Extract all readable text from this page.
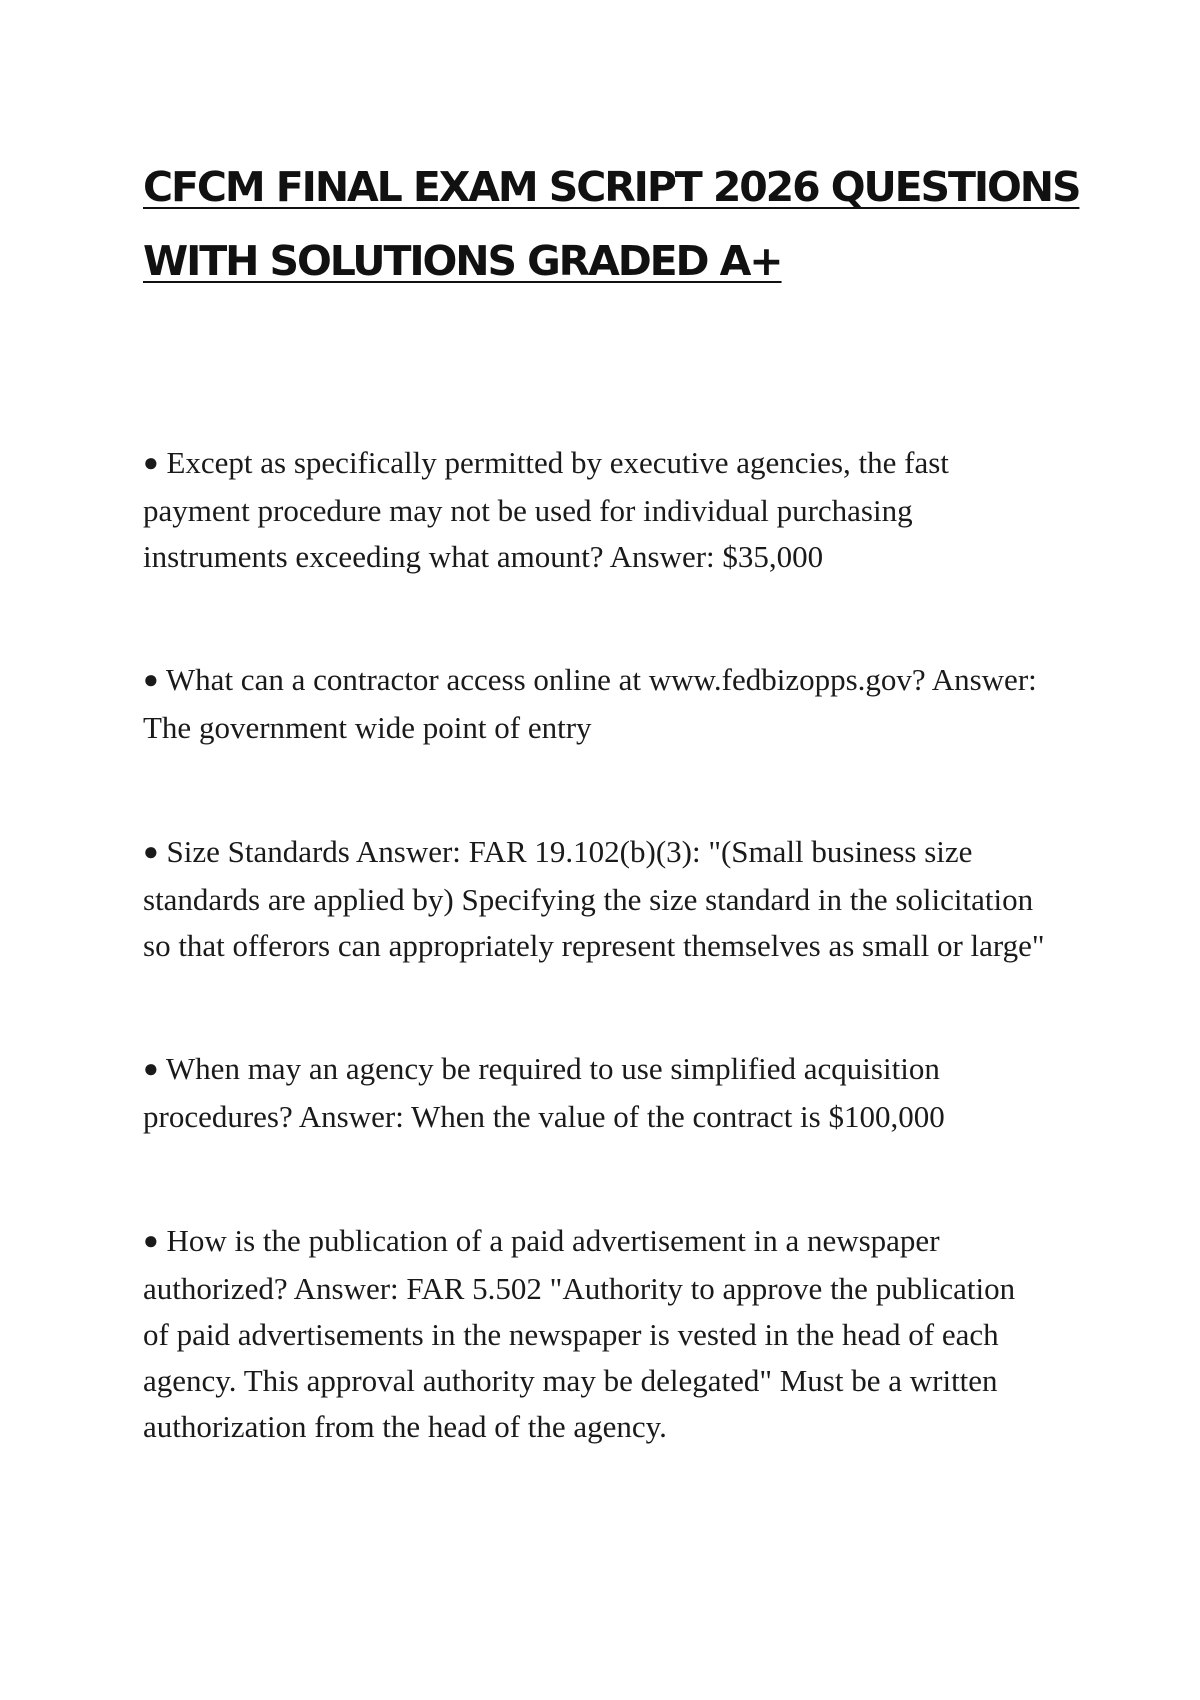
CFCM FINAL EXAM SCRIPT 2026 QUESTIONS
WITH SOLUTIONS GRADED A+

● Except as specifically permitted by executive agencies, the fast
payment procedure may not be used for individual purchasing
instruments exceeding what amount? Answer: $35,000

● What can a contractor access online at www.fedbizopps.gov? Answer:
The government wide point of entry

● Size Standards Answer: FAR 19.102(b)(3): "(Small business size
standards are applied by) Specifying the size standard in the solicitation
so that offerors can appropriately represent themselves as small or large"

● When may an agency be required to use simplified acquisition
procedures? Answer: When the value of the contract is $100,000

● How is the publication of a paid advertisement in a newspaper
authorized? Answer: FAR 5.502 "Authority to approve the publication
of paid advertisements in the newspaper is vested in the head of each
agency. This approval authority may be delegated" Must be a written
authorization from the head of the agency.
